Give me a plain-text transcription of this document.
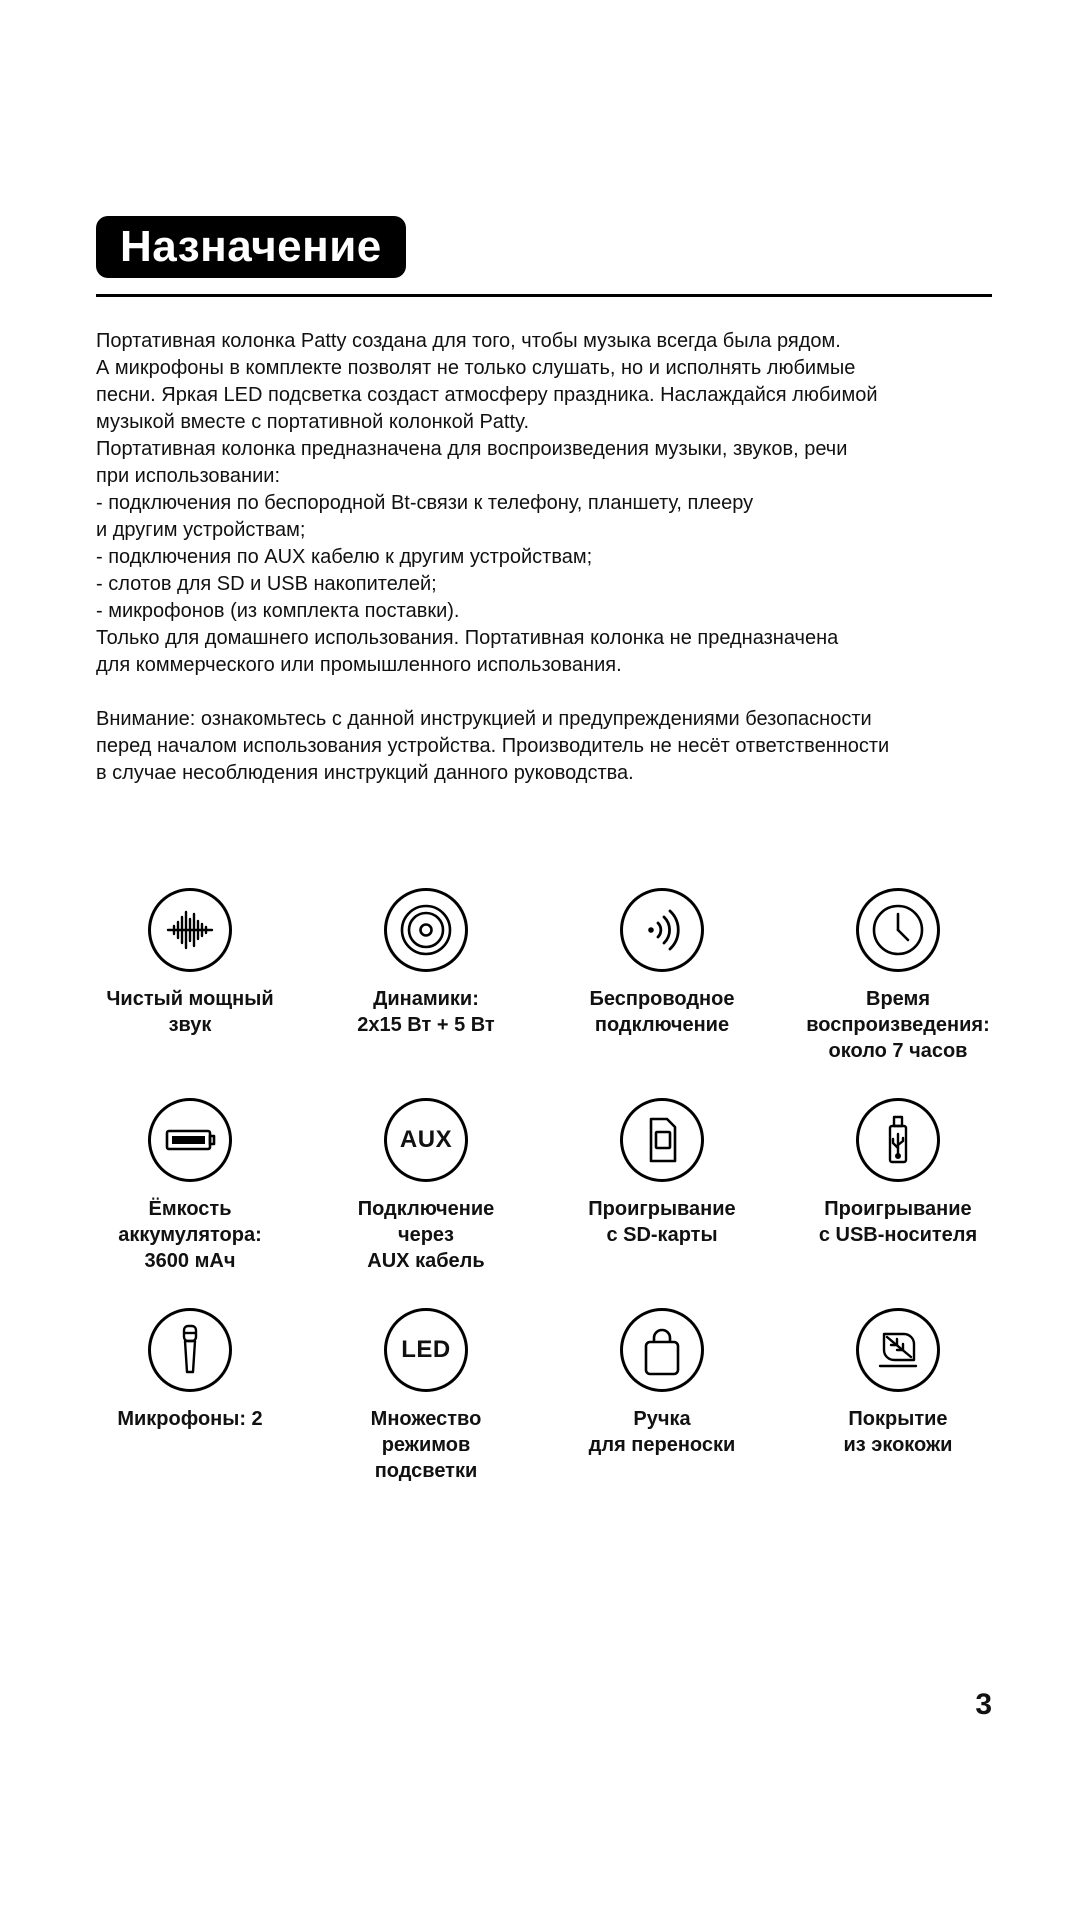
Назначение

Портативная колонка Patty создана для того, чтобы музыка всегда была рядом.

А микрофоны в комплекте позволят не только слушать, но и исполнять любимые

песни. Яркая LED подсветка создаст атмосферу праздника. Наслаждайся любимой

музыкой вместе с портативной колонкой Patty.

Портативная колонка предназначена для воспроизведения музыки, звуков, речи

при использовании:

- подключения по беспородной Bt-связи к телефону, планшету, плееру

и другим устройствам;

- подключения по AUX кабелю к другим устройствам;

- слотов для SD и USB накопителей;

- микрофонов (из комплекта поставки).

Только для домашнего использования. Портативная колонка не предназначена

для коммерческого или промышленного использования.

Внимание: ознакомьтесь с данной инструкцией и предупреждениями безопасности

перед началом использования устройства. Производитель не несёт ответственности

в случае несоблюдения инструкций данного руководства.

Чистый мощный
звук
Динамики:
2х15 Вт + 5 Вт
Беспроводное
подключение
Время
воспроизведения:
около 7 часов
Ёмкость
аккумулятора:
3600 мАч
AUX
Подключение
через
AUX кабель
Проигрывание
с SD-карты
Проигрывание
с USB-носителя
Микрофоны: 2
LED
Множество
режимов
подсветки
Ручка
для переноски
Покрытие
из экокожи
3
